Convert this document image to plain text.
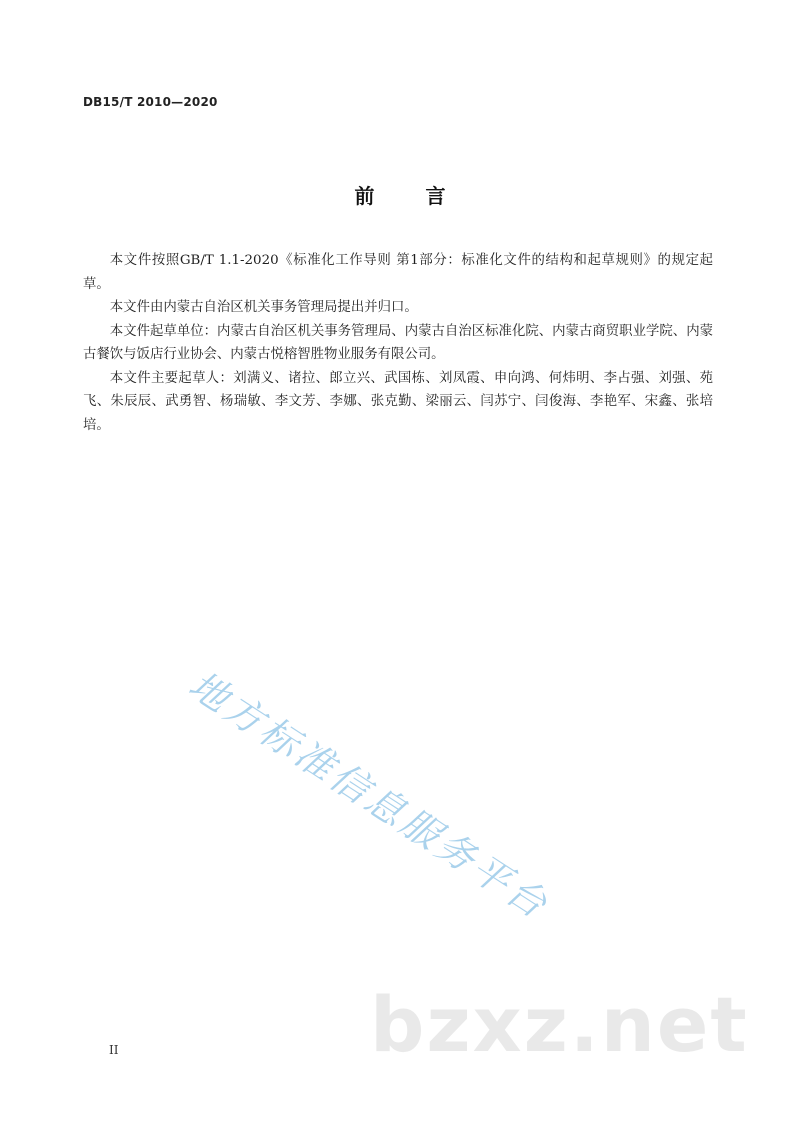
DB15/T 2010—2020
前 言

本文件按照GB/T 1.1-2020《标准化工作导则 第1部分：标准化文件的结构和起草规则》的规定起草。

本文件由内蒙古自治区机关事务管理局提出并归口。

本文件起草单位：内蒙古自治区机关事务管理局、内蒙古自治区标准化院、内蒙古商贸职业学院、内蒙古餐饮与饭店行业协会、内蒙古悦榕智胜物业服务有限公司。

本文件主要起草人：刘满义、诸拉、郎立兴、武国栋、刘凤霞、申向鸿、何炜明、李占强、刘强、苑飞、朱辰辰、武勇智、杨瑞敏、李文芳、李娜、张克勤、梁丽云、闫苏宁、闫俊海、李艳军、宋鑫、张培培。

地方标准信息服务平台
bzxz.net
II
